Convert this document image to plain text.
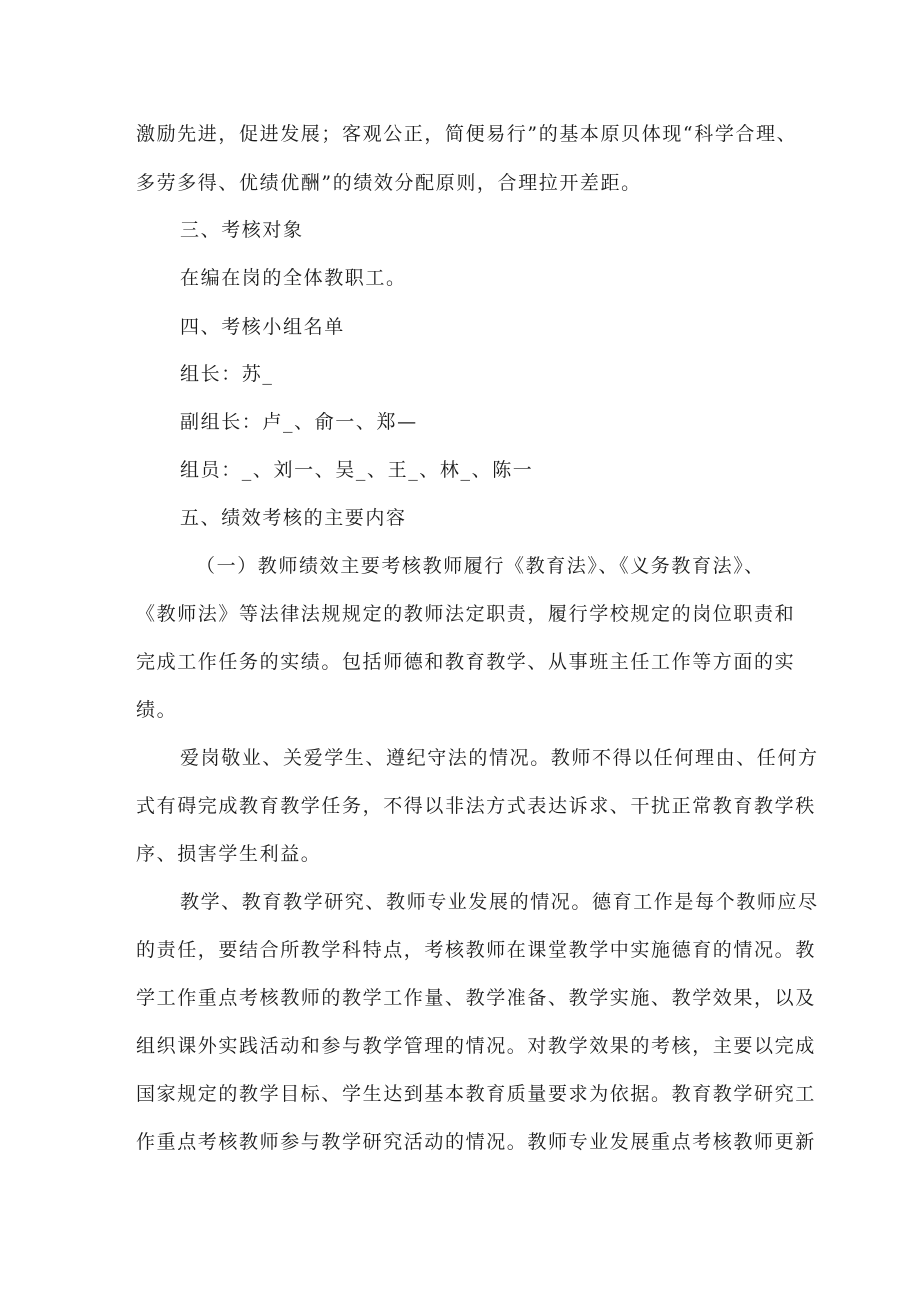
激励先进，促进发展；客观公正，简便易行”的基本原贝体现“科学合理、
多劳多得、优绩优酬”的绩效分配原则，合理拉开差距。
三、考核对象
在编在岗的全体教职工。
四、考核小组名单
组长：苏_
副组长：卢_、俞一、郑—
组员：_、刘一、吴_、王_、林_、陈一
五、绩效考核的主要内容
（一）教师绩效主要考核教师履行《教育法》、《义务教育法》、
《教师法》等法律法规规定的教师法定职责，履行学校规定的岗位职责和
完成工作任务的实绩。包括师德和教育教学、从事班主任工作等方面的实
绩。
爱岗敬业、关爱学生、遵纪守法的情况。教师不得以任何理由、任何方
式有碍完成教育教学任务，不得以非法方式表达诉求、干扰正常教育教学秩
序、损害学生利益。
教学、教育教学研究、教师专业发展的情况。德育工作是每个教师应尽
的责任，要结合所教学科特点，考核教师在课堂教学中实施德育的情况。教
学工作重点考核教师的教学工作量、教学准备、教学实施、教学效果，以及
组织课外实践活动和参与教学管理的情况。对教学效果的考核，主要以完成
国家规定的教学目标、学生达到基本教育质量要求为依据。教育教学研究工
作重点考核教师参与教学研究活动的情况。教师专业发展重点考核教师更新
